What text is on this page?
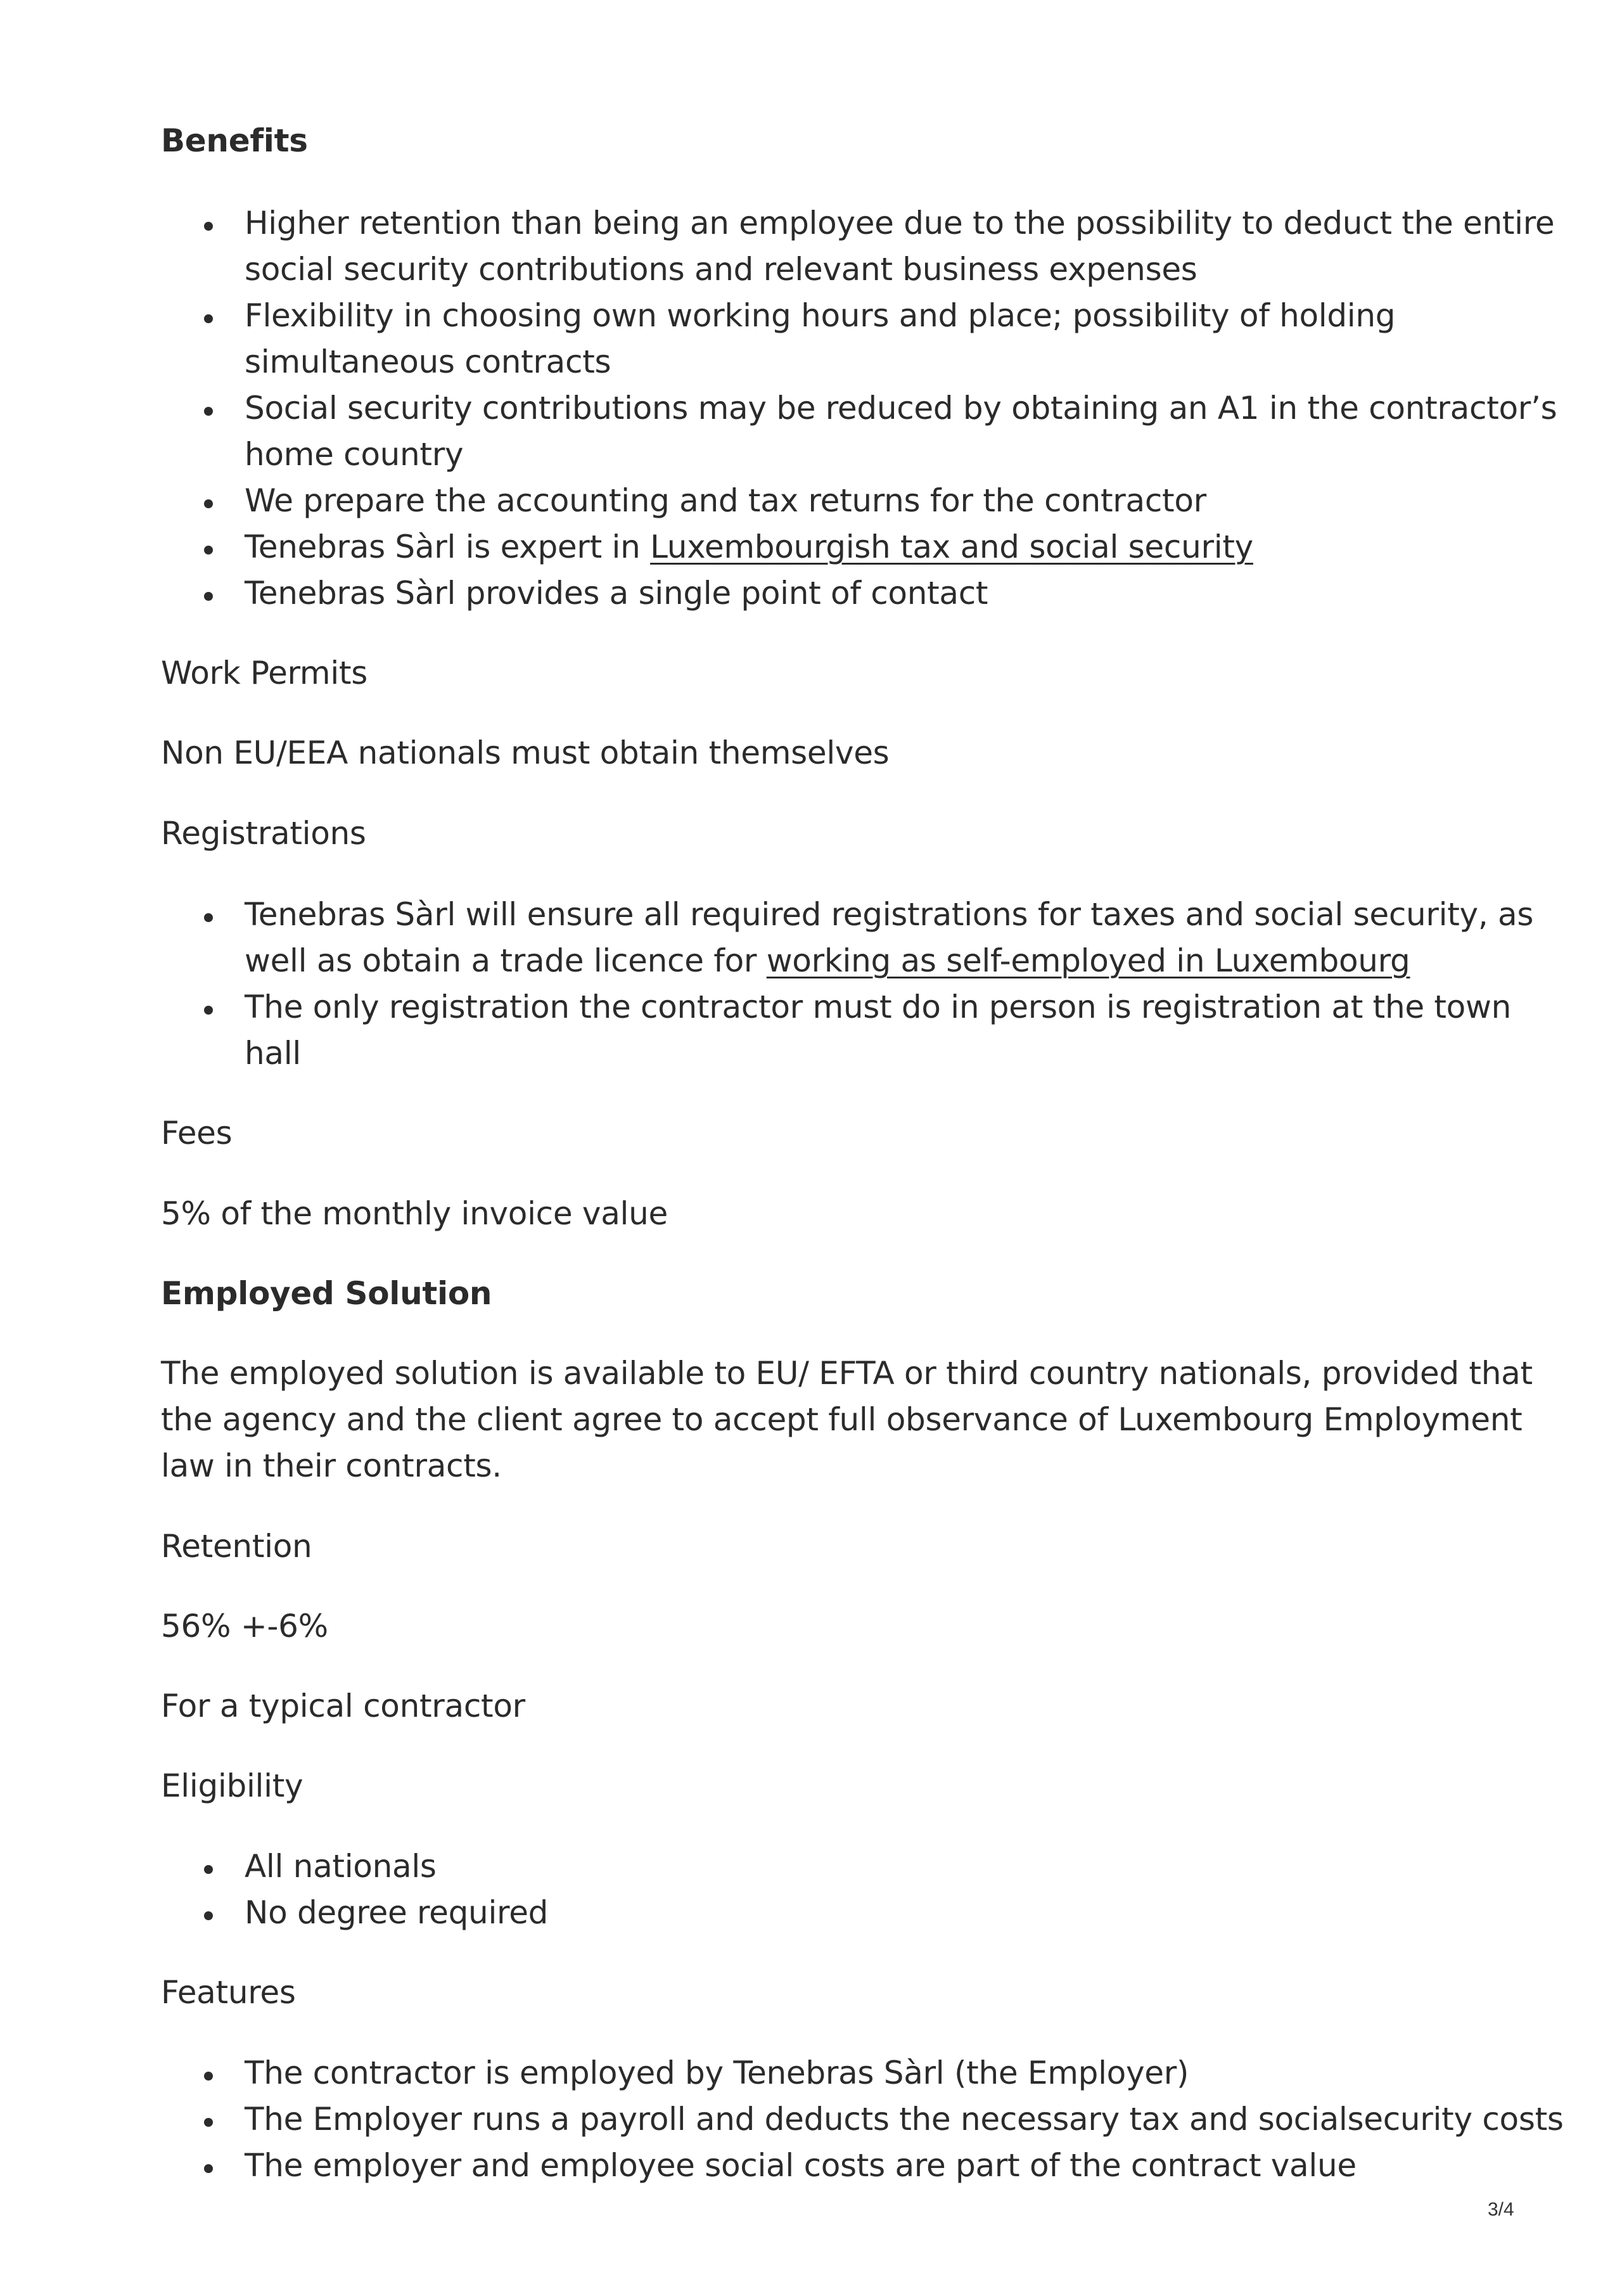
Benefits
Higher retention than being an employee due to the possibility to deduct the entire
social security contributions and relevant business expenses
Flexibility in choosing own working hours and place; possibility of holding
simultaneous contracts
Social security contributions may be reduced by obtaining an A1 in the contractor’s
home country
We prepare the accounting and tax returns for the contractor
Tenebras Sàrl is expert in Luxembourgish tax and social security
Tenebras Sàrl provides a single point of contact
Work Permits
Non EU/EEA nationals must obtain themselves
Registrations
Tenebras Sàrl will ensure all required registrations for taxes and social security, as
well as obtain a trade licence for working as self-employed in Luxembourg
The only registration the contractor must do in person is registration at the town
hall
Fees
5% of the monthly invoice value
Employed Solution
The employed solution is available to EU/ EFTA or third country nationals, provided that
the agency and the client agree to accept full observance of Luxembourg Employment
law in their contracts.
Retention
56% +-6%
For a typical contractor
Eligibility
All nationals
No degree required
Features
The contractor is employed by Tenebras Sàrl (the Employer)
The Employer runs a payroll and deducts the necessary tax and socialsecurity costs
The employer and employee social costs are part of the contract value
3/4
